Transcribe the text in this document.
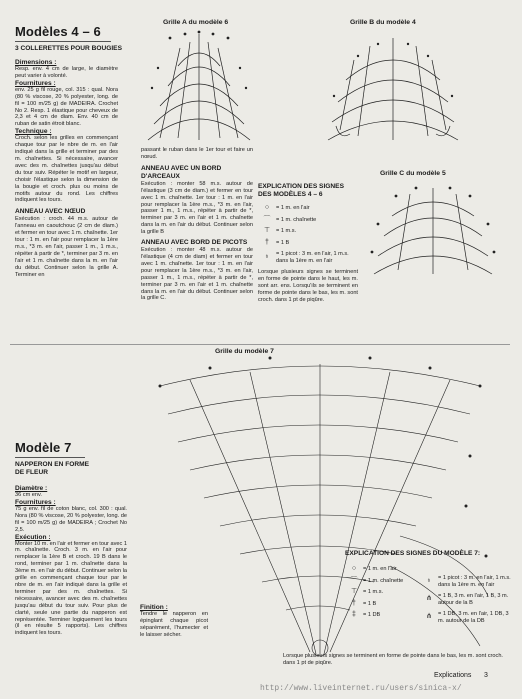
Modèles 4 – 6
3 COLLERETTES POUR BOUGIES
Dimensions :
Resp. env. 4 cm de large, le diamètre peut varier à volonté.
Fournitures :
env. 25 g fil rouge, col. 315 : qual. Nora (80 % viscose, 20 % polyester, long. de fil = 100 m/25 g) de MADEIRA. Crochet No 2. Resp. 1 élastique pour cheveux de 2,3 et 4 cm de diam. Env. 40 cm de ruban de satin étroit blanc.
Technique :
Croch. selon les grilles en commençant chaque tour par le nbre de m. en l'air indiqué dans la grille et terminer par des m. chaînettes. Si nécessaire, avancer avec des m. chaînettes jusqu'au début du tour suiv. Répéter le motif en largeur, choisir l'élastique selon la dimension de la bougie et croch. plus ou moins de motifs autour du rond. Les chiffres indiquent les tours.
ANNEAU AVEC NŒUD
Exécution : croch. 44 m.s. autour de l'anneau en caoutchouc (2 cm de diam.) et fermer en tour avec 1 m. chaînette. 1er tour : 1 m. en l'air pour remplacer la 1ère m.s., *3 m. en l'air, passer 1 m., 1 m.s., répéter à partir de *, terminer par 3 m. en l'air et 1 m. chaînette dans la m. en l'air du début. Continuer selon la grille A. Terminer en
Grille A du modèle 6
passant le ruban dans le 1er tour et faire un nœud.
ANNEAU AVEC UN BORD D'ARCEAUX
Exécution : monter 58 m.s. autour de l'élastique (3 cm de diam.) et fermer en tour avec 1 m. chaînette. 1er tour : 1 m. en l'air pour remplacer la 1ère m.s., *3 m. en l'air, passer 1 m., 1 m.s., répéter à partir de *, terminer par 3 m. en l'air et 1 m. chaînette dans la m. en l'air du début. Continuer selon la grille B
ANNEAU AVEC BORD DE PICOTS
Exécution : monter 48 m.s. autour de l'élastique (4 cm de diam) et fermer en tour avec 1 m. chaînette. 1er tour : 1 m. en l'air pour remplacer la 1ère m.s., *3 m. en l'air, passer 1 m., 1 m.s., répéter à partir de *, terminer par 3 m. en l'air et 1 m. chaînette dans la m. en l'air du début. Continuer selon la grille C.
Grille B du modèle 4
EXPLICATION DES SIGNES DES MODÈLES 4 – 6
○	= 1 m. en l'air
⌒ = 1 m. chaînette
⊤	= 1 m.s.
†	= 1 B
♁	= 1 picot : 3 m. en l'air, 1 m.s. dans la 1ère m. en l'air
Lorsque plusieurs signes se terminent en forme de pointe dans le haut, les m. sont arr. ens. Lorsqu'ils se terminent en forme de pointe dans le bas, les m. sont croch. dans 1 pt de piqûre.
Grille C du modèle 5
Grille du modèle 7
Modèle 7
NAPPERON EN FORME DE FLEUR
Diamètre :
36 cm env.
Fournitures :
75 g env. fil de coton blanc, col. 300 : qual. Nora (80 % viscose, 20 % polyester, long. de fil = 100 m/25 g) de MADEIRA ; Crochet No 2,5.
Exécution :
Monter 10 m. en l'air et fermer en tour avec 1 m. chaînette. Croch. 3 m. en l'air pour remplacer la 1ère B et croch. 19 B dans le rond, terminer par 1 m. chaînette dans la 3ème m. en l'air du début. Continuer selon la grille en commençant chaque tour par le nbre de m. en l'air indiqué dans la grille et terminer par des m. chaînettes. Si nécessaire, avancer avec des m. chaînettes jusqu'au début du tour suiv. Pour plus de clarté, seule une partie du napperon est représentée. Terminer logiquement les tours (il en résulte 5 rapports). Les chiffres indiquent les tours.
Finition :
Tendre le napperon en épinglant chaque picot séparément, l'humecter et le laisser sécher.
EXPLICATION DES SIGNES DU MODÈLE 7:
○	= 1 m. en l'air
⌒ = 1 m. chaînette
⊤	= 1 m.s.
†	= 1 B
‡	= 1 DB
♁	= 1 picot : 3 m. en l'air, 1 m.s. dans la 1ère m. en l'air
⋔	= 1 B, 3 m. en l'air, 1 B, 3 m. autour de la B
⋔	= 1 DB, 3 m. en l'air, 1 DB, 3 m. autour de la DB
Lorsque plusieurs signes se terminent en forme de pointe dans le bas, les m. sont croch. dans 1 pt de piqûre.
http://www.liveinternet.ru/users/sinica-x/
Explications 3
